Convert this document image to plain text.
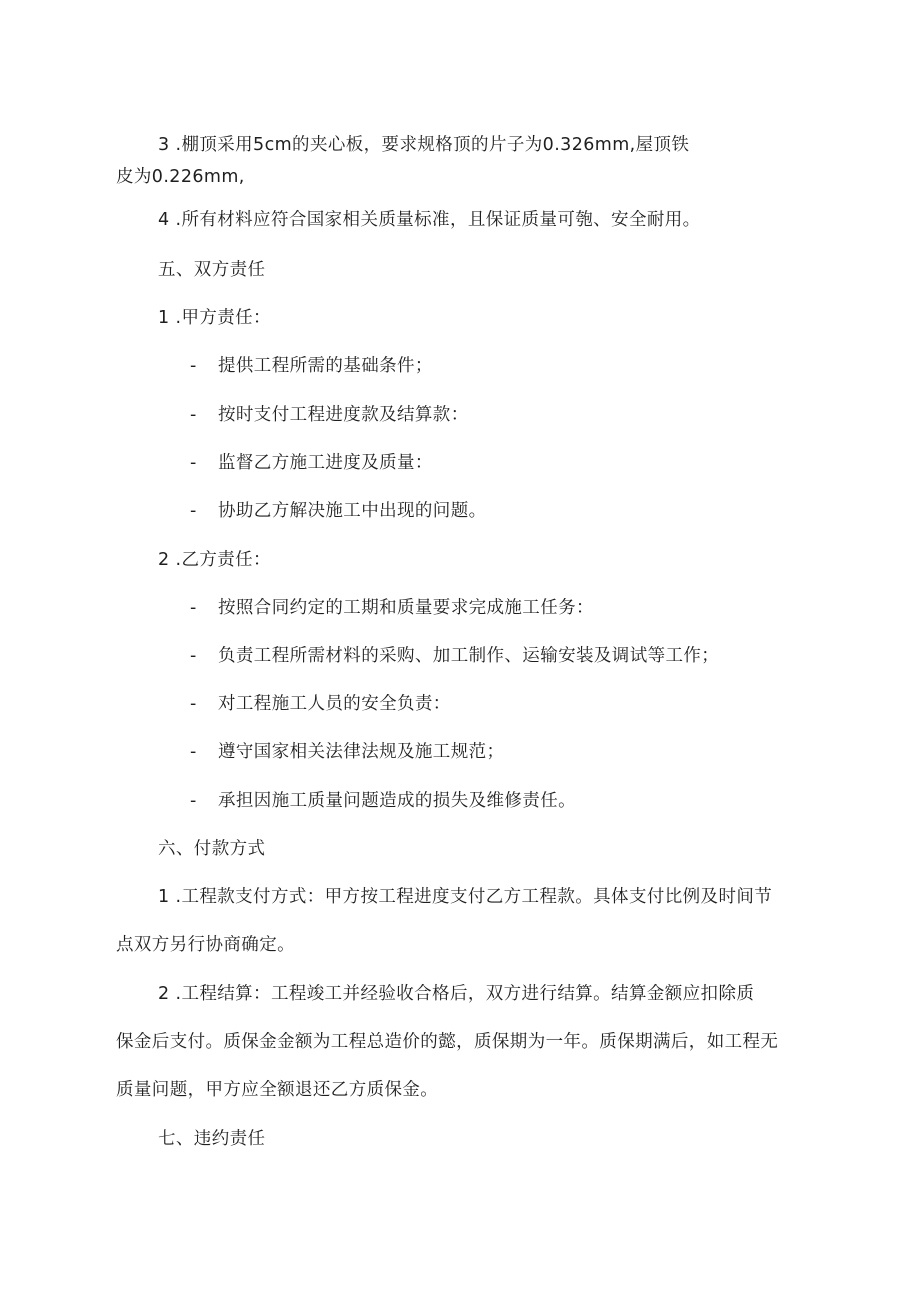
3 .棚顶采用5cm的夹心板，要求规格顶的片子为0.326mm,屋顶铁
皮为0.226mm,
4 .所有材料应符合国家相关质量标准，且保证质量可匏、安全耐用。
五、双方责任
1 .甲方责任：
- 提供工程所需的基础条件；
- 按时支付工程进度款及结算款：
- 监督乙方施工进度及质量：
- 协助乙方解决施工中出现的问题。
2 .乙方责任：
- 按照合同约定的工期和质量要求完成施工任务：
- 负责工程所需材料的采购、加工制作、运输安装及调试等工作；
- 对工程施工人员的安全负责：
- 遵守国家相关法律法规及施工规范；
- 承担因施工质量问题造成的损失及维修责任。
六、付款方式
1 .工程款支付方式：甲方按工程进度支付乙方工程款。具体支付比例及时间节
点双方另行协商确定。
2 .工程结算：工程竣工并经验收合格后，双方进行结算。结算金额应扣除质
保金后支付。质保金金额为工程总造价的懿，质保期为一年。质保期满后，如工程无
质量问题，甲方应全额退还乙方质保金。
七、违约责任
